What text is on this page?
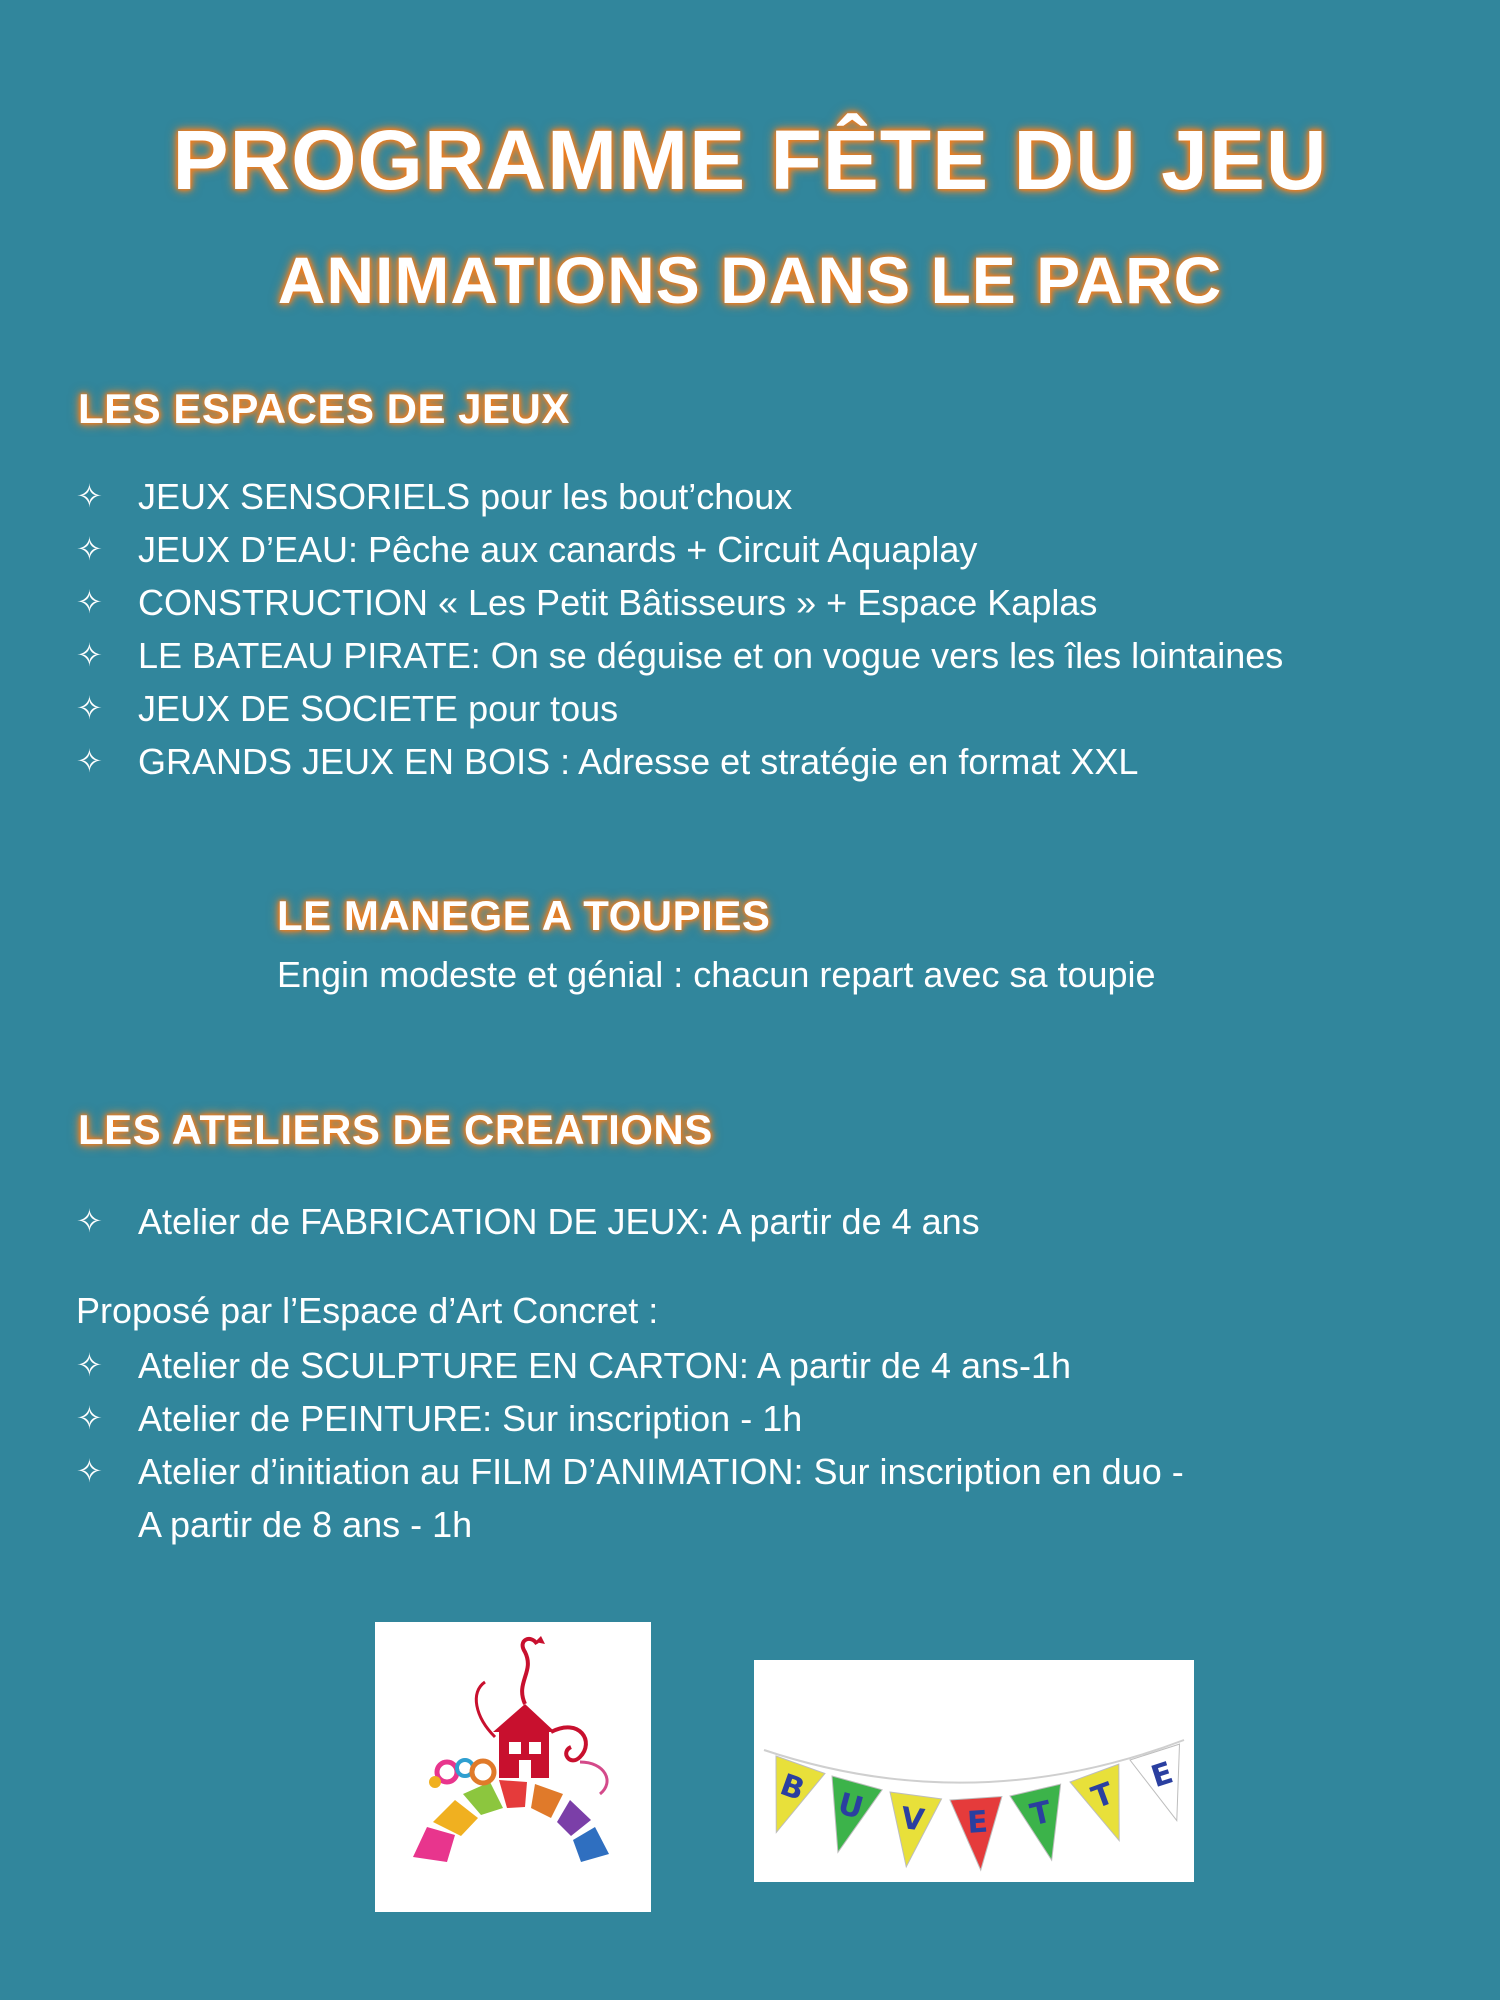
PROGRAMME FÊTE DU JEU
ANIMATIONS DANS LE PARC
LES ESPACES DE JEUX
✧ JEUX SENSORIELS pour les bout’choux
✧ JEUX D’EAU: Pêche aux canards + Circuit Aquaplay
✧ CONSTRUCTION « Les Petit Bâtisseurs » + Espace Kaplas
✧ LE BATEAU PIRATE: On se déguise et on vogue vers les îles lointaines
✧ JEUX DE SOCIETE pour tous
✧ GRANDS JEUX EN BOIS : Adresse et stratégie en format XXL
LE MANEGE A TOUPIES

Engin modeste et génial : chacun repart avec sa toupie

LES ATELIERS DE CREATIONS
✧ Atelier de FABRICATION DE JEUX: A partir de 4 ans

Proposé par l’Espace d’Art Concret :

✧ Atelier de SCULPTURE EN CARTON: A partir de 4 ans-1h
✧ Atelier de PEINTURE: Sur inscription - 1h
✧ Atelier d’initiation au FILM D’ANIMATION: Sur inscription en duo -
A partir de 8 ans - 1h
B U V E T T
E
